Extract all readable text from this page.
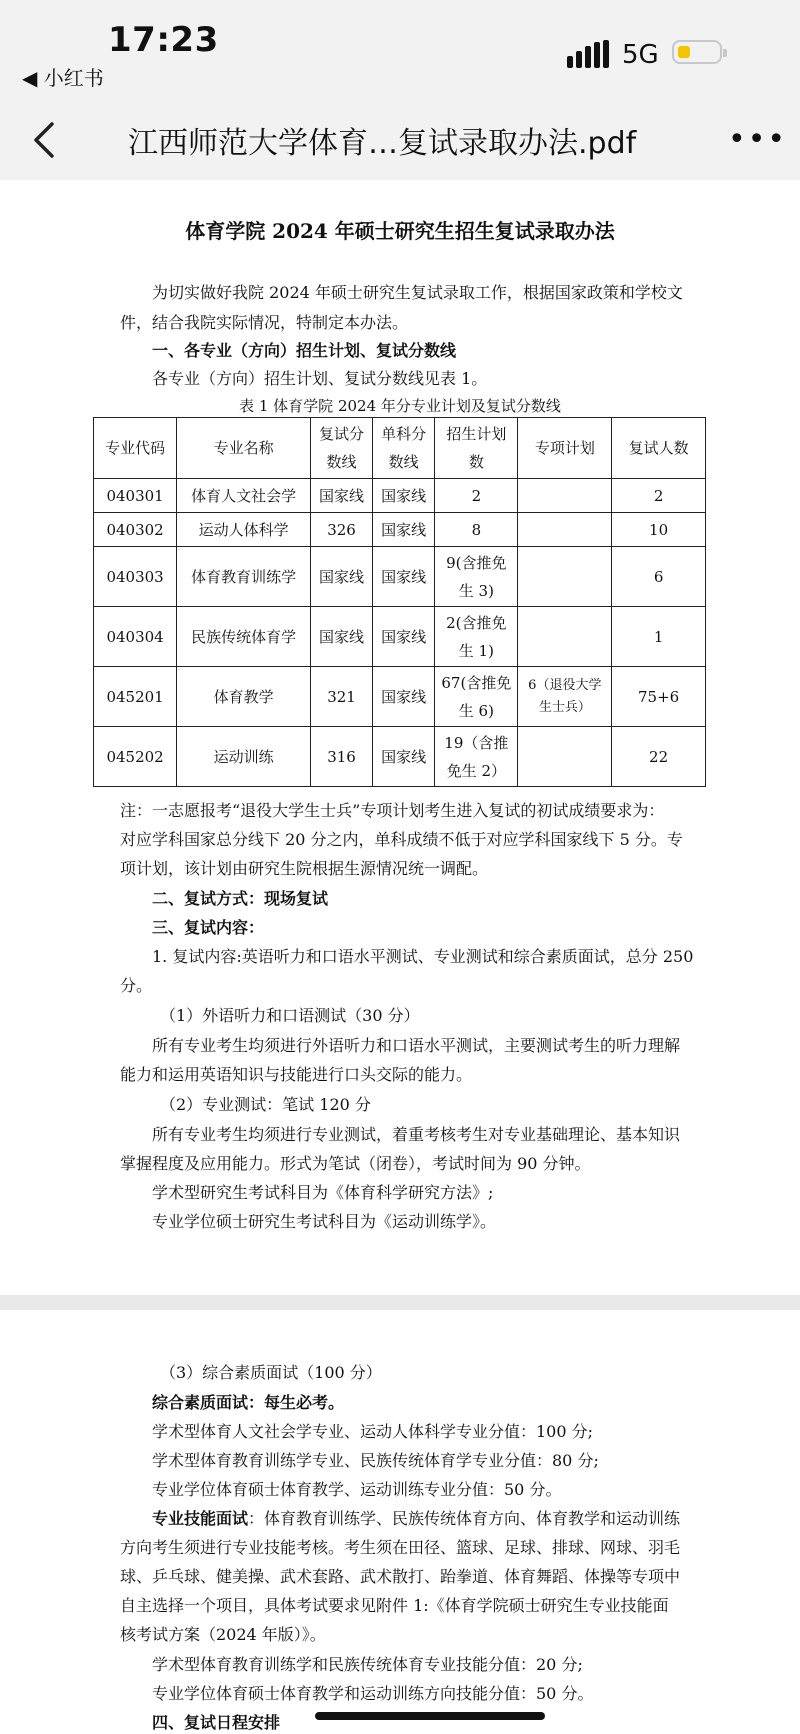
17:23
◀ 小红书
5G
江西师范大学体育…复试录取办法.pdf	•••
体育学院 2024 年硕士研究生招生复试录取办法
为切实做好我院 2024 年硕士研究生复试录取工作，根据国家政策和学校文
件，结合我院实际情况，特制定本办法。
一、各专业（方向）招生计划、复试分数线
各专业（方向）招生计划、复试分数线见表 1。
表 1 体育学院 2024 年分专业计划及复试分数线
专业代码	专业名称	复试分数线	单科分数线	招生计划数	专项计划	复试人数
040301	体育人文社会学	国家线	国家线	2		2
040302	运动人体科学	326	国家线	8		10
040303	体育教育训练学	国家线	国家线	9(含推免生 3)		6
040304	民族传统体育学	国家线	国家线	2(含推免生 1)		1
045201	体育教学	321	国家线	67(含推免生 6)	6（退役大学生士兵）	75+6
045202	运动训练	316	国家线	19（含推免生 2）		22
注：一志愿报考“退役大学生士兵”专项计划考生进入复试的初试成绩要求为：
对应学科国家总分线下 20 分之内，单科成绩不低于对应学科国家线下 5 分。专
项计划，该计划由研究生院根据生源情况统一调配。
二、复试方式：现场复试
三、复试内容：
1. 复试内容:英语听力和口语水平测试、专业测试和综合素质面试，总分 250
分。
（1）外语听力和口语测试（30 分）
所有专业考生均须进行外语听力和口语水平测试，主要测试考生的听力理解
能力和运用英语知识与技能进行口头交际的能力。
（2）专业测试：笔试 120 分
所有专业考生均须进行专业测试，着重考核考生对专业基础理论、基本知识
掌握程度及应用能力。形式为笔试（闭卷），考试时间为 90 分钟。
学术型研究生考试科目为《体育科学研究方法》;
专业学位硕士研究生考试科目为《运动训练学》。
（3）综合素质面试（100 分）
综合素质面试：每生必考。
学术型体育人文社会学专业、运动人体科学专业分值：100 分;
学术型体育教育训练学专业、民族传统体育学专业分值：80 分;
专业学位体育硕士体育教学、运动训练专业分值：50 分。
专业技能面试：体育教育训练学、民族传统体育方向、体育教学和运动训练
方向考生须进行专业技能考核。考生须在田径、篮球、足球、排球、网球、羽毛
球、乒乓球、健美操、武术套路、武术散打、跆拳道、体育舞蹈、体操等专项中
自主选择一个项目，具体考试要求见附件 1:《体育学院硕士研究生专业技能面
核考试方案（2024 年版）》。
学术型体育教育训练学和民族传统体育专业技能分值：20 分;
专业学位体育硕士体育教学和运动训练方向技能分值：50 分。
四、复试日程安排
